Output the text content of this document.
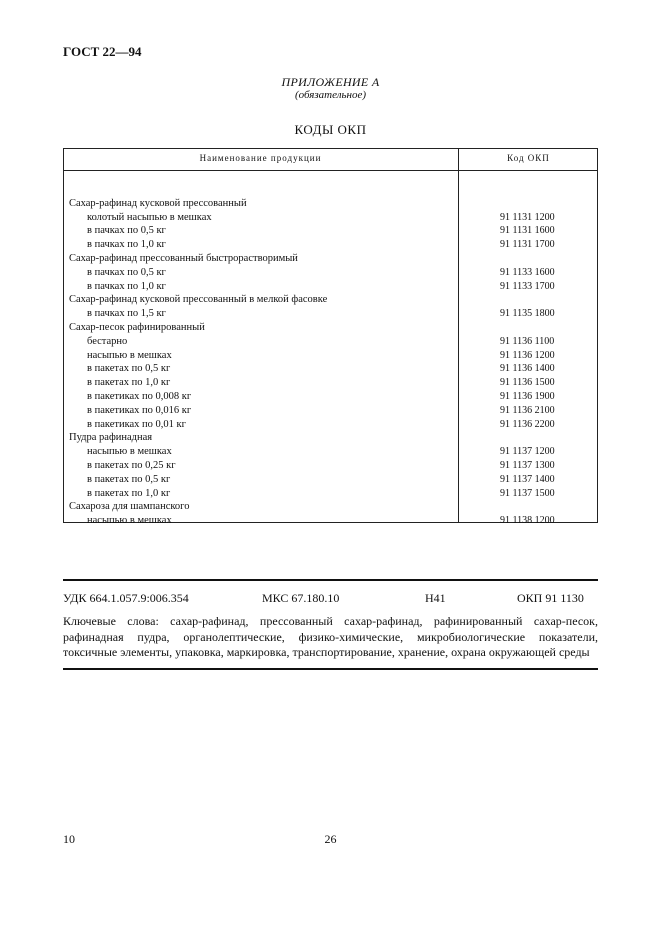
ГОСТ 22—94
ПРИЛОЖЕНИЕ А
(обязательное)
КОДЫ ОКП
Наименование продукции	Код ОКП
Сахар-рафинад кусковой прессованный
колотый насыпью в мешках	91 1131 1200
в пачках по 0,5 кг	91 1131 1600
в пачках по 1,0 кг	91 1131 1700
Сахар-рафинад прессованный быстрорастворимый
в пачках по 0,5 кг	91 1133 1600
в пачках по 1,0 кг	91 1133 1700
Сахар-рафинад кусковой прессованный в мелкой фасовке
в пачках по 1,5 кг	91 1135 1800
Сахар-песок рафинированный
бестарно	91 1136 1100
насыпью в мешках	91 1136 1200
в пакетах по 0,5 кг	91 1136 1400
в пакетах по 1,0 кг	91 1136 1500
в пакетиках по 0,008 кг	91 1136 1900
в пакетиках по 0,016 кг	91 1136 2100
в пакетиках по 0,01 кг	91 1136 2200
Пудра рафинадная
насыпью в мешках	91 1137 1200
в пакетах по 0,25 кг	91 1137 1300
в пакетах по 0,5 кг	91 1137 1400
в пакетах по 1,0 кг	91 1137 1500
Сахароза для шампанского
насыпью в мешках	91 1138 1200
УДК 664.1.057.9:006.354	МКС 67.180.10	Н41	ОКП 91 1130
Ключевые слова: сахар-рафинад, прессованный сахар-рафинад, рафинированный сахар-песок, рафинадная пудра, органолептические, физико-химические, микробиологические показатели, токсичные элементы, упаковка, маркировка, транспортирование, хранение, охрана окружающей среды
10	26
